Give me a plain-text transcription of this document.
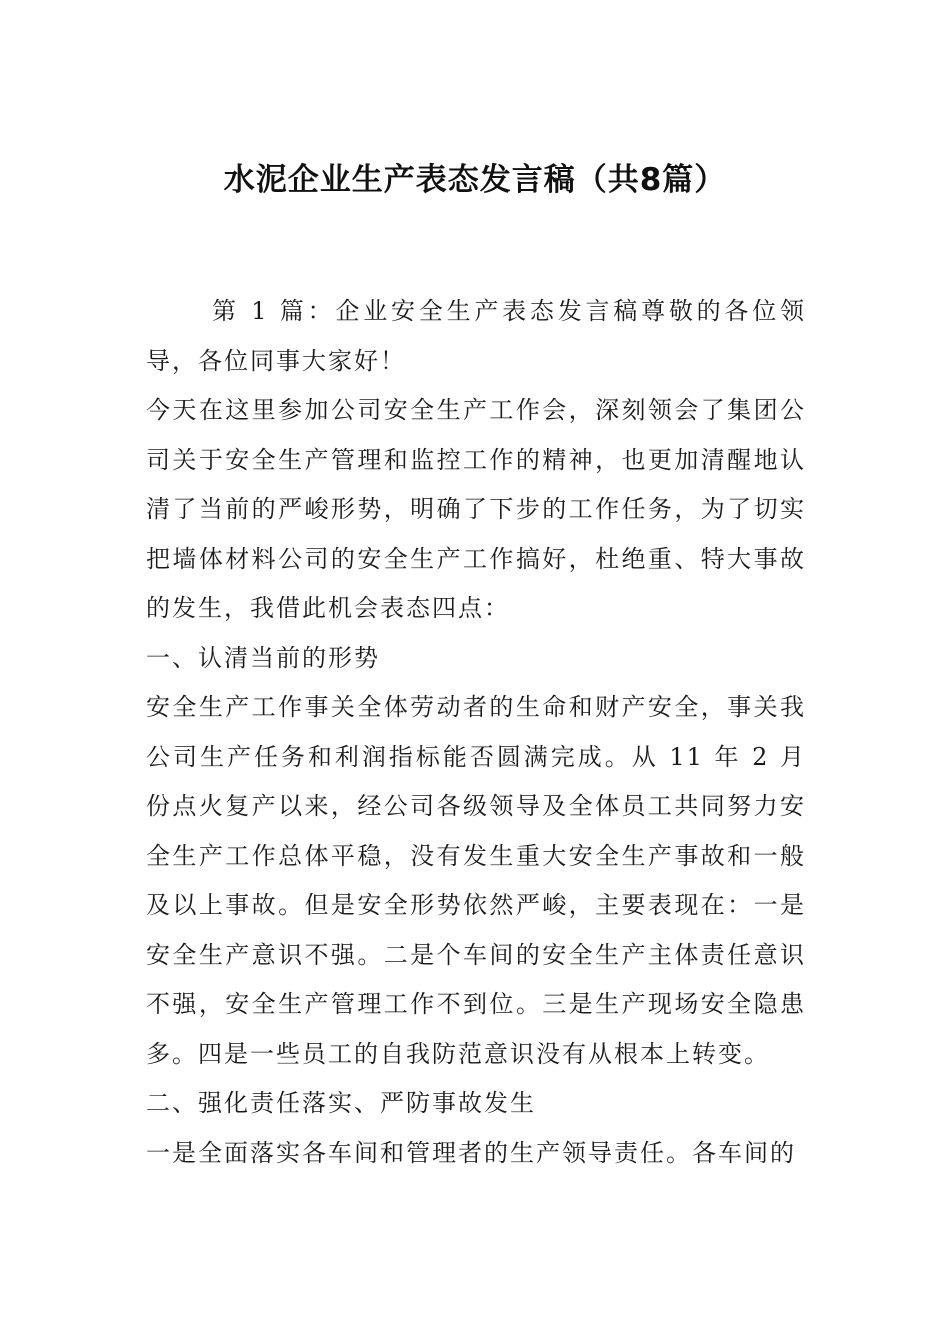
水泥企业生产表态发言稿（共8篇）

第 1 篇：企业安全生产表态发言稿尊敬的各位领导，各位同事大家好！

今天在这里参加公司安全生产工作会，深刻领会了集团公司关于安全生产管理和监控工作的精神，也更加清醒地认清了当前的严峻形势，明确了下步的工作任务，为了切实把墙体材料公司的安全生产工作搞好，杜绝重、特大事故的发生，我借此机会表态四点：

一、认清当前的形势

安全生产工作事关全体劳动者的生命和财产安全，事关我公司生产任务和利润指标能否圆满完成。从 11 年 2 月份点火复产以来，经公司各级领导及全体员工共同努力安全生产工作总体平稳，没有发生重大安全生产事故和一般及以上事故。但是安全形势依然严峻，主要表现在：一是安全生产意识不强。二是个车间的安全生产主体责任意识不强，安全生产管理工作不到位。三是生产现场安全隐患多。四是一些员工的自我防范意识没有从根本上转变。

二、强化责任落实、严防事故发生

一是全面落实各车间和管理者的生产领导责任。各车间的
